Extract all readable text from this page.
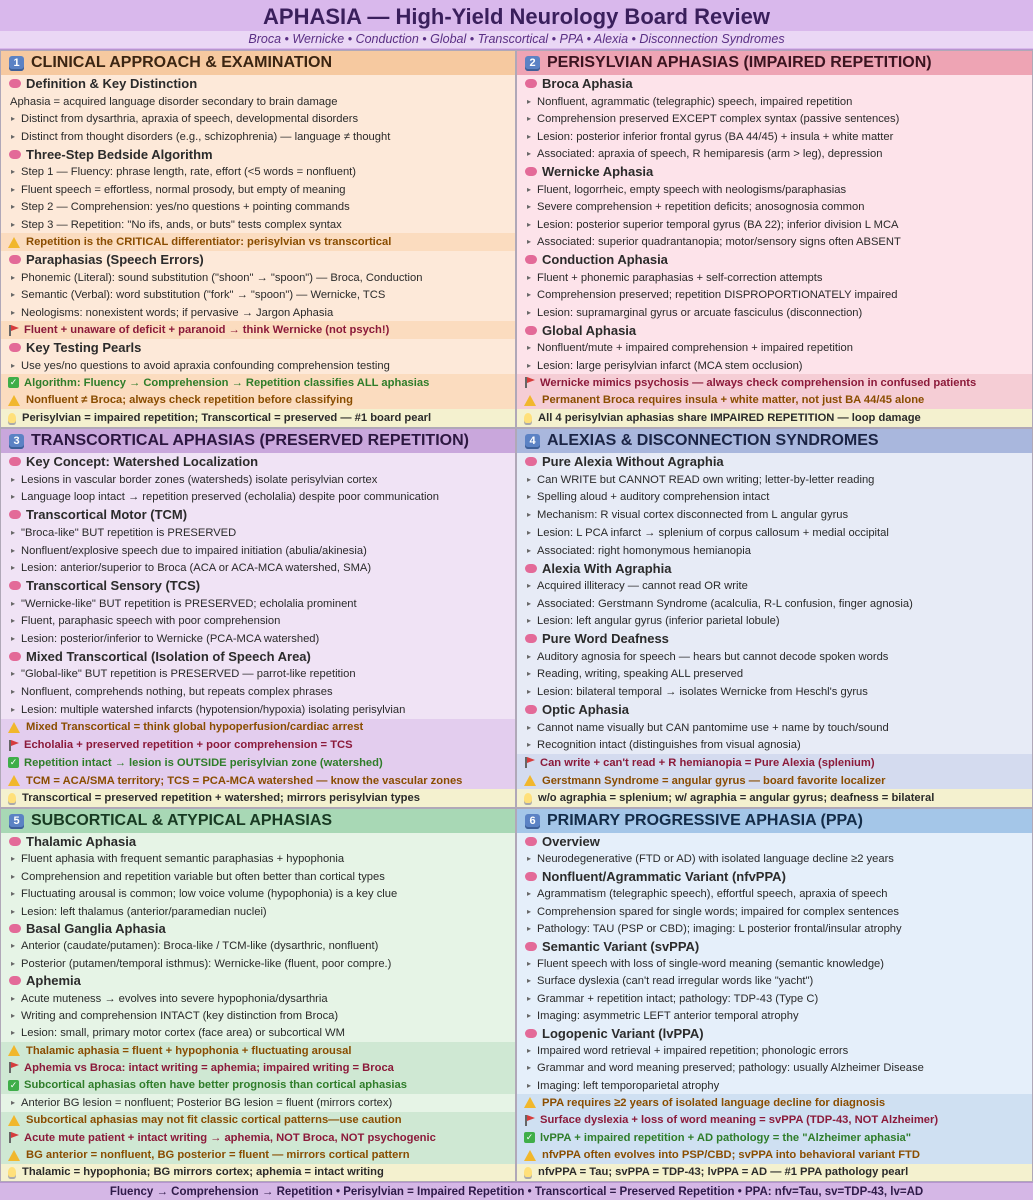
APHASIA — High-Yield Neurology Board Review
Broca • Wernicke • Conduction • Global • Transcortical • PPA • Alexia • Disconnection Syndromes
1 CLINICAL APPROACH & EXAMINATION
Definition & Key Distinction
Aphasia = acquired language disorder secondary to brain damage
▸ Distinct from dysarthria, apraxia of speech, developmental disorders
▸ Distinct from thought disorders (e.g., schizophrenia) — language ≠ thought
Three-Step Bedside Algorithm
▸ Step 1 — Fluency: phrase length, rate, effort (<5 words = nonfluent)
▸ Fluent speech = effortless, normal prosody, but empty of meaning
▸ Step 2 — Comprehension: yes/no questions + pointing commands
▸ Step 3 — Repetition: "No ifs, ands, or buts" tests complex syntax
Repetition is the CRITICAL differentiator: perisylvian vs transcortical
Paraphasias (Speech Errors)
▸ Phonemic (Literal): sound substitution ("shoon" → "spoon") — Broca, Conduction
▸ Semantic (Verbal): word substitution ("fork" → "spoon") — Wernicke, TCS
▸ Neologisms: nonexistent words; if pervasive → Jargon Aphasia
Fluent + unaware of deficit + paranoid → think Wernicke (not psych!)
Key Testing Pearls
▸ Use yes/no questions to avoid apraxia confounding comprehension testing
✓ Algorithm: Fluency → Comprehension → Repetition classifies ALL aphasias
Nonfluent ≠ Broca; always check repetition before classifying
Perisylvian = impaired repetition; Transcortical = preserved — #1 board pearl
2 PERISYLVIAN APHASIAS (IMPAIRED REPETITION)
Broca Aphasia
▸ Nonfluent, agrammatic (telegraphic) speech, impaired repetition
▸ Comprehension preserved EXCEPT complex syntax (passive sentences)
▸ Lesion: posterior inferior frontal gyrus (BA 44/45) + insula + white matter
▸ Associated: apraxia of speech, R hemiparesis (arm > leg), depression
Wernicke Aphasia
▸ Fluent, logorrheic, empty speech with neologisms/paraphasias
▸ Severe comprehension + repetition deficits; anosognosia common
▸ Lesion: posterior superior temporal gyrus (BA 22); inferior division L MCA
▸ Associated: superior quadrantanopia; motor/sensory signs often ABSENT
Conduction Aphasia
▸ Fluent + phonemic paraphasias + self-correction attempts
▸ Comprehension preserved; repetition DISPROPORTIONATELY impaired
▸ Lesion: supramarginal gyrus or arcuate fasciculus (disconnection)
Global Aphasia
▸ Nonfluent/mute + impaired comprehension + impaired repetition
▸ Lesion: large perisylvian infarct (MCA stem occlusion)
Wernicke mimics psychosis — always check comprehension in confused patients
Permanent Broca requires insula + white matter, not just BA 44/45 alone
All 4 perisylvian aphasias share IMPAIRED REPETITION — loop damage
3 TRANSCORTICAL APHASIAS (PRESERVED REPETITION)
Key Concept: Watershed Localization
▸ Lesions in vascular border zones (watersheds) isolate perisylvian cortex
▸ Language loop intact → repetition preserved (echolalia) despite poor communication
Transcortical Motor (TCM)
▸ "Broca-like" BUT repetition is PRESERVED
▸ Nonfluent/explosive speech due to impaired initiation (abulia/akinesia)
▸ Lesion: anterior/superior to Broca (ACA or ACA-MCA watershed, SMA)
Transcortical Sensory (TCS)
▸ "Wernicke-like" BUT repetition is PRESERVED; echolalia prominent
▸ Fluent, paraphasic speech with poor comprehension
▸ Lesion: posterior/inferior to Wernicke (PCA-MCA watershed)
Mixed Transcortical (Isolation of Speech Area)
▸ "Global-like" BUT repetition is PRESERVED — parrot-like repetition
▸ Nonfluent, comprehends nothing, but repeats complex phrases
▸ Lesion: multiple watershed infarcts (hypotension/hypoxia) isolating perisylvian
Mixed Transcortical = think global hypoperfusion/cardiac arrest
Echolalia + preserved repetition + poor comprehension = TCS
✓ Repetition intact → lesion is OUTSIDE perisylvian zone (watershed)
TCM = ACA/SMA territory; TCS = PCA-MCA watershed — know the vascular zones
Transcortical = preserved repetition + watershed; mirrors perisylvian types
4 ALEXIAS & DISCONNECTION SYNDROMES
Pure Alexia Without Agraphia
▸ Can WRITE but CANNOT READ own writing; letter-by-letter reading
▸ Spelling aloud + auditory comprehension intact
▸ Mechanism: R visual cortex disconnected from L angular gyrus
▸ Lesion: L PCA infarct → splenium of corpus callosum + medial occipital
▸ Associated: right homonymous hemianopia
Alexia With Agraphia
▸ Acquired illiteracy — cannot read OR write
▸ Associated: Gerstmann Syndrome (acalculia, R-L confusion, finger agnosia)
▸ Lesion: left angular gyrus (inferior parietal lobule)
Pure Word Deafness
▸ Auditory agnosia for speech — hears but cannot decode spoken words
▸ Reading, writing, speaking ALL preserved
▸ Lesion: bilateral temporal → isolates Wernicke from Heschl's gyrus
Optic Aphasia
▸ Cannot name visually but CAN pantomime use + name by touch/sound
▸ Recognition intact (distinguishes from visual agnosia)
Can write + can't read + R hemianopia = Pure Alexia (splenium)
Gerstmann Syndrome = angular gyrus — board favorite localizer
w/o agraphia = splenium; w/ agraphia = angular gyrus; deafness = bilateral
5 SUBCORTICAL & ATYPICAL APHASIAS
Thalamic Aphasia
▸ Fluent aphasia with frequent semantic paraphasias + hypophonia
▸ Comprehension and repetition variable but often better than cortical types
▸ Fluctuating arousal is common; low voice volume (hypophonia) is a key clue
▸ Lesion: left thalamus (anterior/paramedian nuclei)
Basal Ganglia Aphasia
▸ Anterior (caudate/putamen): Broca-like / TCM-like (dysarthric, nonfluent)
▸ Posterior (putamen/temporal isthmus): Wernicke-like (fluent, poor compre.)
Aphemia
▸ Acute muteness → evolves into severe hypophonia/dysarthria
▸ Writing and comprehension INTACT (key distinction from Broca)
▸ Lesion: small, primary motor cortex (face area) or subcortical WM
Thalamic aphasia = fluent + hypophonia + fluctuating arousal
Aphemia vs Broca: intact writing = aphemia; impaired writing = Broca
✓ Subcortical aphasias often have better prognosis than cortical aphasias
▸ Anterior BG lesion = nonfluent; Posterior BG lesion = fluent (mirrors cortex)
Subcortical aphasias may not fit classic cortical patterns—use caution
Acute mute patient + intact writing → aphemia, NOT Broca, NOT psychogenic
BG anterior = nonfluent, BG posterior = fluent — mirrors cortical pattern
Thalamic = hypophonia; BG mirrors cortex; aphemia = intact writing
6 PRIMARY PROGRESSIVE APHASIA (PPA)
Overview
▸ Neurodegenerative (FTD or AD) with isolated language decline ≥2 years
Nonfluent/Agrammatic Variant (nfvPPA)
▸ Agrammatism (telegraphic speech), effortful speech, apraxia of speech
▸ Comprehension spared for single words; impaired for complex sentences
▸ Pathology: TAU (PSP or CBD); imaging: L posterior frontal/insular atrophy
Semantic Variant (svPPA)
▸ Fluent speech with loss of single-word meaning (semantic knowledge)
▸ Surface dyslexia (can't read irregular words like "yacht")
▸ Grammar + repetition intact; pathology: TDP-43 (Type C)
▸ Imaging: asymmetric LEFT anterior temporal atrophy
Logopenic Variant (lvPPA)
▸ Impaired word retrieval + impaired repetition; phonologic errors
▸ Grammar and word meaning preserved; pathology: usually Alzheimer Disease
▸ Imaging: left temporoparietal atrophy
PPA requires ≥2 years of isolated language decline for diagnosis
Surface dyslexia + loss of word meaning = svPPA (TDP-43, NOT Alzheimer)
✓ lvPPA + impaired repetition + AD pathology = the "Alzheimer aphasia"
nfvPPA often evolves into PSP/CBD; svPPA into behavioral variant FTD
nfvPPA = Tau; svPPA = TDP-43; lvPPA = AD — #1 PPA pathology pearl
Fluency → Comprehension → Repetition • Perisylvian = Impaired Repetition • Transcortical = Preserved Repetition • PPA: nfv=Tau, sv=TDP-43, lv=AD
